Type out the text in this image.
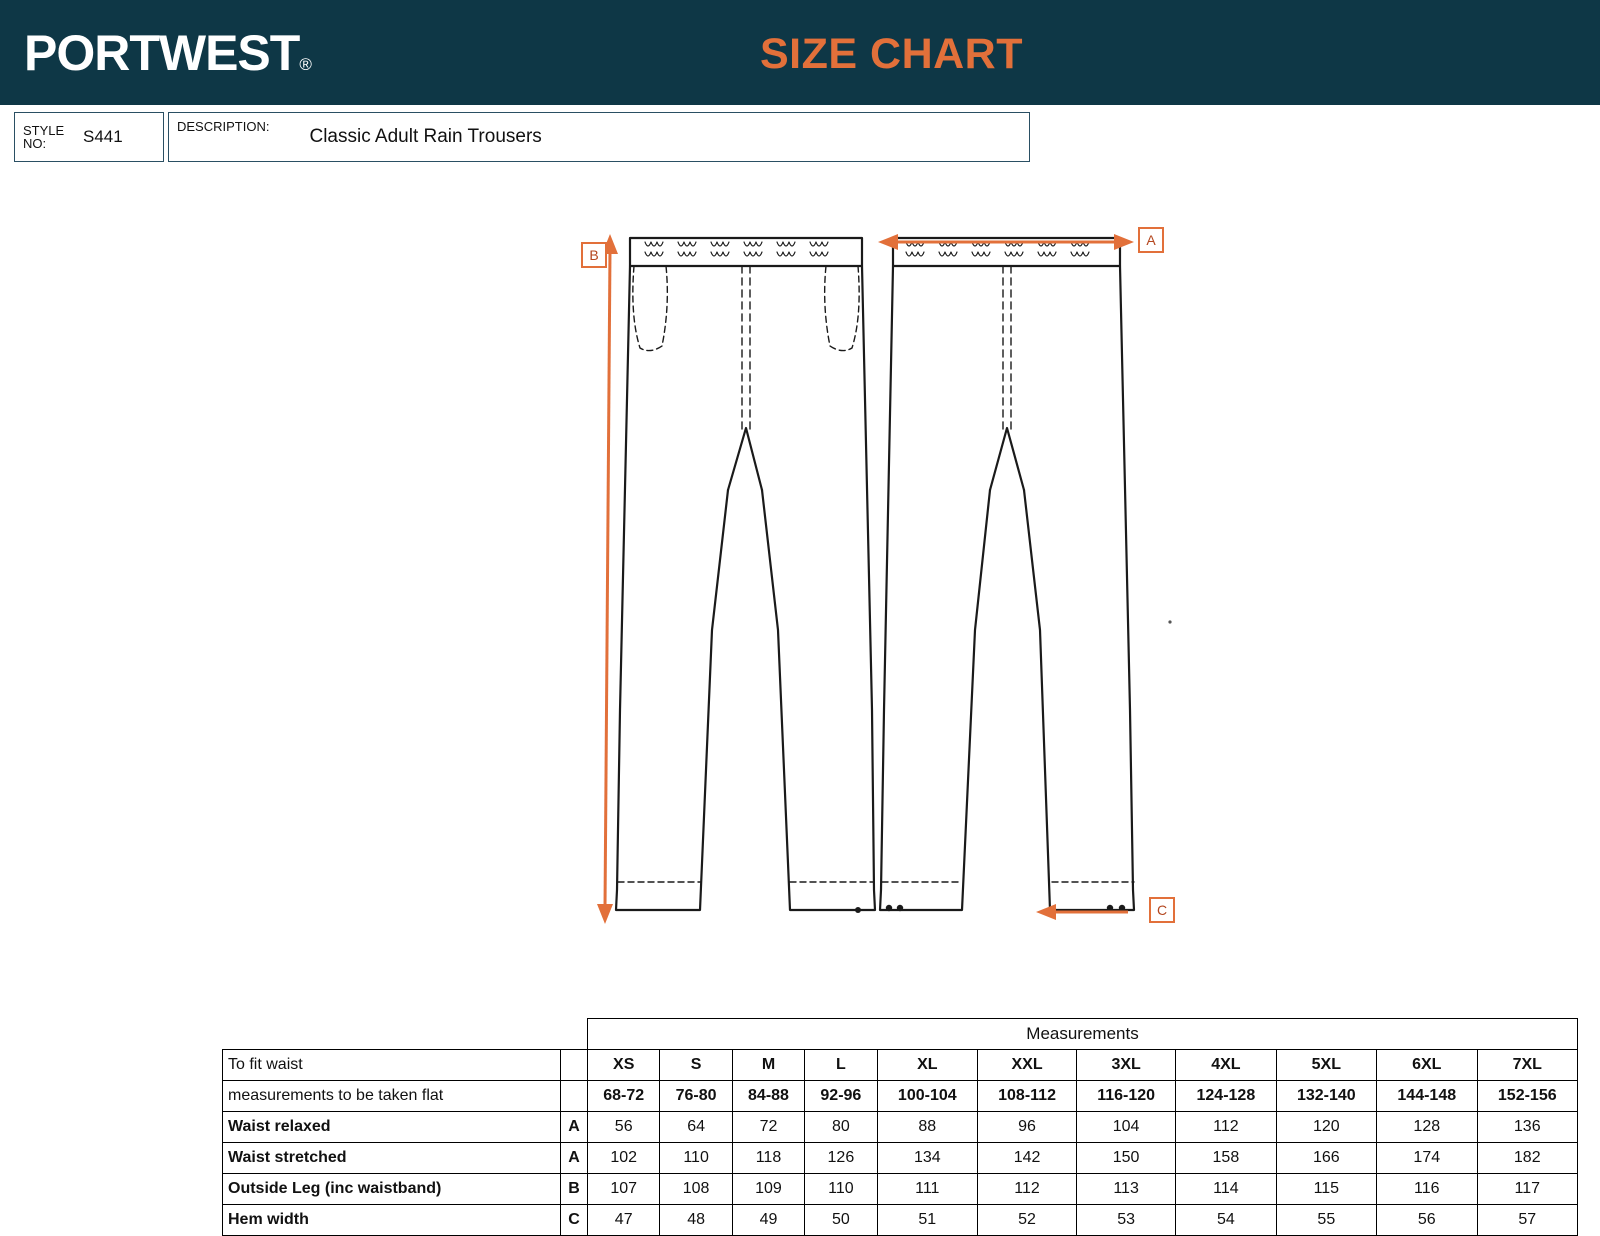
PORTWEST®	SIZE CHART
STYLE
NO:	S441
DESCRIPTION: Classic Adult Rain Trousers
A
B
C
		Measurements										
To fit waist		XS	S	M	L	XL	XXL	3XL	4XL	5XL	6XL	7XL
measurements to be taken flat		68-72	76-80	84-88	92-96	100-104	108-112	116-120	124-128	132-140	144-148	152-156
Waist relaxed	A	56	64	72	80	88	96	104	112	120	128	136
Waist stretched	A	102	110	118	126	134	142	150	158	166	174	182
Outside Leg (inc waistband)	B	107	108	109	110	111	112	113	114	115	116	117
Hem width	C	47	48	49	50	51	52	53	54	55	56	57
